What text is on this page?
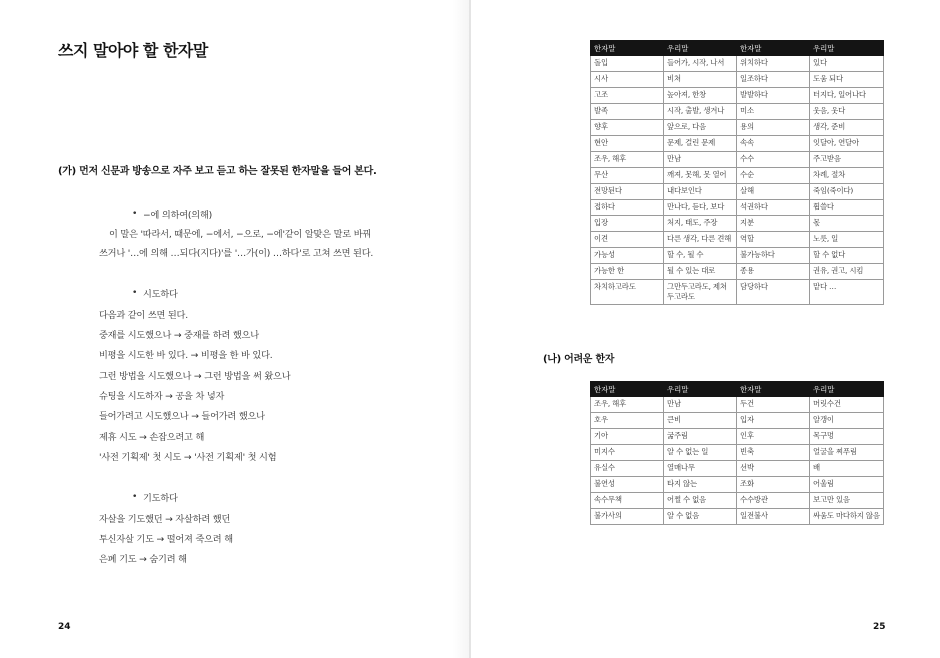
쓰지 말아야 할 한자말
(가) 먼저 신문과 방송으로 자주 보고 듣고 하는 잘못된 한자말을 들어 본다.
• −에 의하여(의해)
이 말은 '따라서, 때문에, −에서, −으로, −에'같이 알맞은 말로 바꿔
쓰거나 '…에 의해 …되다(지다)'를 '…가(이) …하다'로 고쳐 쓰면 된다.
• 시도하다
다음과 같이 쓰면 된다.
중재를 시도했으나 → 중재를 하려 했으나
비평을 시도한 바 있다. → 비평을 한 바 있다.
그런 방법을 시도했으나 → 그런 방법을 써 왔으나
슈팅을 시도하자 → 공을 차 넣자
들어가려고 시도했으나 → 들어가려 했으나
제휴 시도 → 손잡으려고 해
'사전 기획제' 첫 시도 → '사전 기획제' 첫 시험
• 기도하다
자살을 기도했던 → 자살하려 했던
투신자살 기도 → 떨어져 죽으려 해
은폐 기도 → 숨기려 해
24
한자말	우리말	한자말	우리말
돌입	들어가, 시작, 나서	위치하다	있다
시사	비쳐	일조하다	도움 되다
고조	높아져, 한창	발발하다	터지다, 일어나다
발족	시작, 출발, 생겨나	미소	웃음, 웃다
향후	앞으로, 다음	용의	생각, 준비
현안	문제, 걸린 문제	속속	잇달아, 연달아
조우, 해후	만남	수수	주고받음
무산	깨져, 못해, 못 열어	수순	차례, 절차
전망된다	내다보인다	살해	죽임(죽이다)
접하다	만나다, 듣다, 보다	석권하다	휩쓸다
입장	처지, 태도, 주장	지분	몫
이견	다른 생각, 다른 견해	역할	노릇, 일
가능성	할 수, 될 수	불가능하다	할 수 없다
가능한 한	될 수 있는 대로	종용	권유, 권고, 시킴
차치하고라도	그만두고라도, 제쳐 두고라도	담당하다	맡다 …
(나) 어려운 한자
한자말	우리말	한자말	우리말
조우, 해후	만남	두건	머릿수건
호우	큰비	입자	알갱이
기아	굶주림	인후	목구멍
미지수	알 수 없는 일	빈축	얼굴을 찌푸림
유실수	열매나무	선박	배
불연성	타지 않는	조화	어울림
속수무책	어쩔 수 없음	수수방관	보고만 있음
불가사의	알 수 없음	일전불사	싸움도 마다하지 않음
25
